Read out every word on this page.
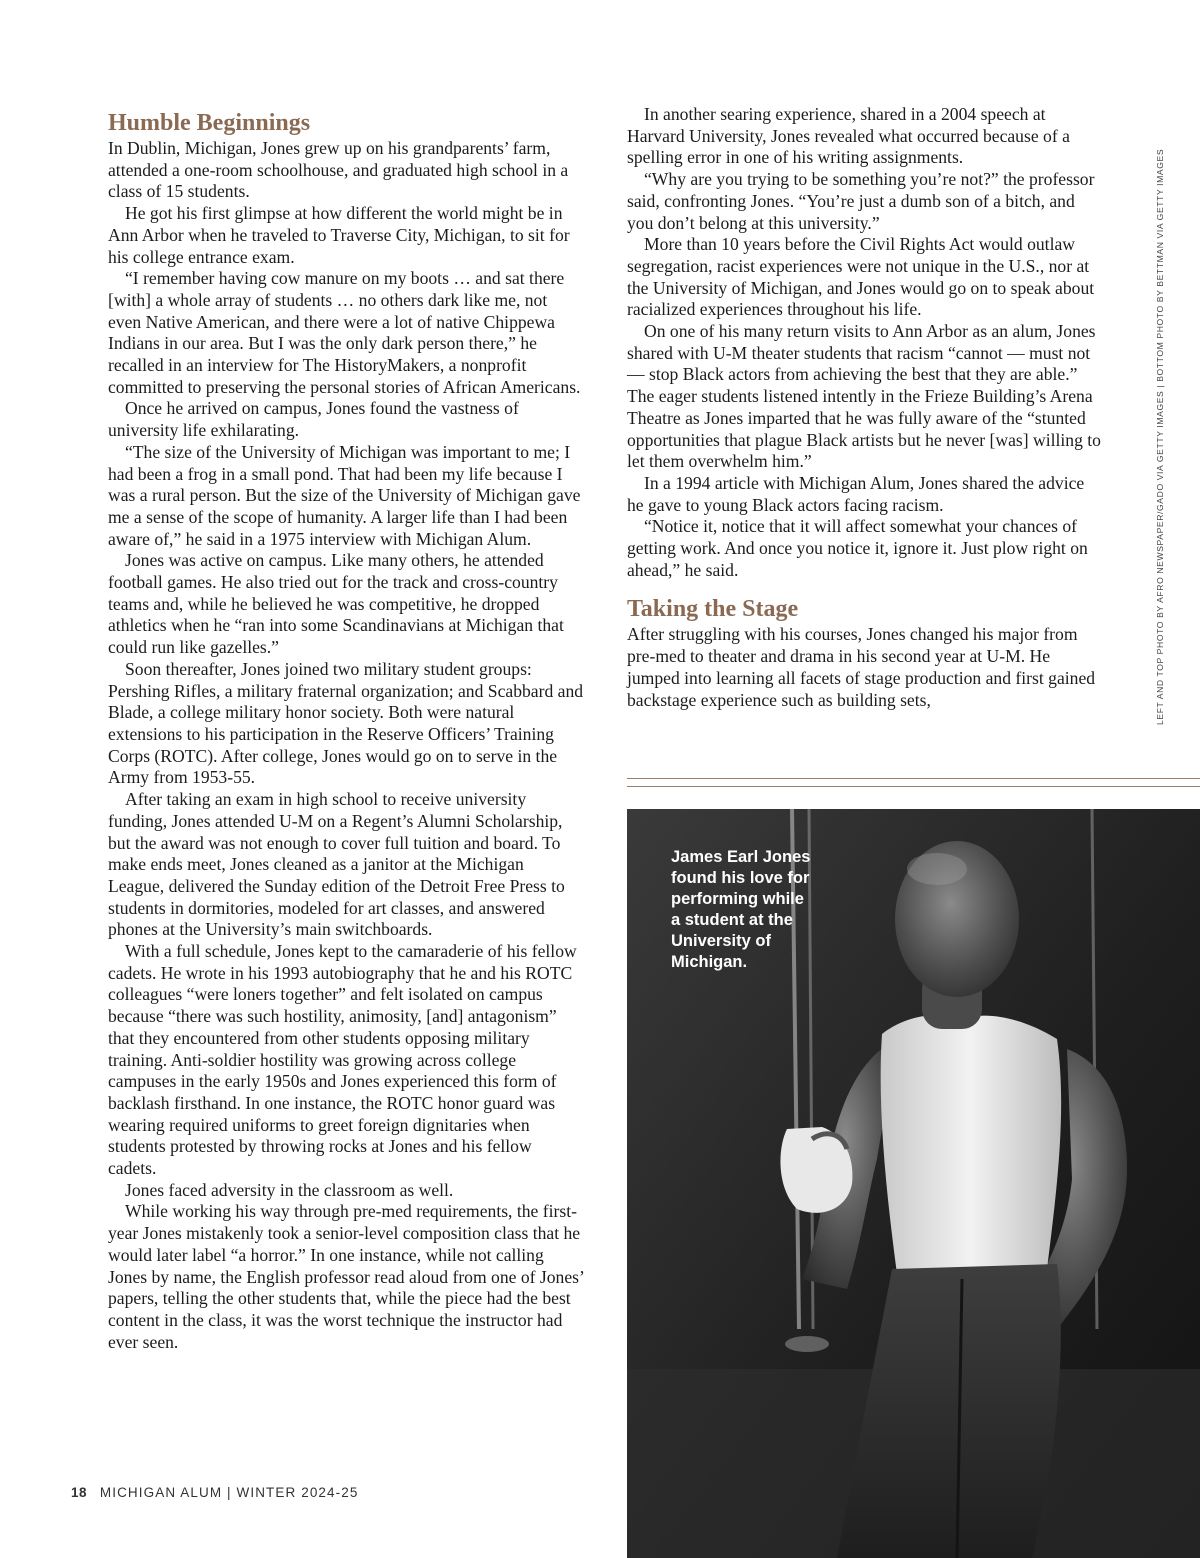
Humble Beginnings

In Dublin, Michigan, Jones grew up on his grandparents’ farm, attended a one-room schoolhouse, and graduated high school in a class of 15 students.

He got his first glimpse at how different the world might be in Ann Arbor when he traveled to Traverse City, Michigan, to sit for his college entrance exam.

“I remember having cow manure on my boots … and sat there [with] a whole array of students … no others dark like me, not even Native American, and there were a lot of native Chippewa Indians in our area. But I was the only dark person there,” he recalled in an interview for The HistoryMakers, a nonprofit committed to preserving the personal stories of African Americans.

Once he arrived on campus, Jones found the vastness of university life exhilarating.

“The size of the University of Michigan was important to me; I had been a frog in a small pond. That had been my life because I was a rural person. But the size of the University of Michigan gave me a sense of the scope of humanity. A larger life than I had been aware of,” he said in a 1975 interview with Michigan Alum.

Jones was active on campus. Like many others, he attended football games. He also tried out for the track and cross-country teams and, while he believed he was competitive, he dropped athletics when he “ran into some Scandinavians at Michigan that could run like gazelles.”

Soon thereafter, Jones joined two military student groups: Pershing Rifles, a military fraternal organization; and Scabbard and Blade, a college military honor society. Both were natural extensions to his participation in the Reserve Officers’ Training Corps (ROTC). After college, Jones would go on to serve in the Army from 1953-55.

After taking an exam in high school to receive university funding, Jones attended U-M on a Regent’s Alumni Scholarship, but the award was not enough to cover full tuition and board. To make ends meet, Jones cleaned as a janitor at the Michigan League, delivered the Sunday edition of the Detroit Free Press to students in dormitories, modeled for art classes, and answered phones at the University’s main switchboards.

With a full schedule, Jones kept to the camaraderie of his fellow cadets. He wrote in his 1993 autobiography that he and his ROTC colleagues “were loners together” and felt isolated on campus because “there was such hostility, animosity, [and] antagonism” that they encountered from other students opposing military training. Anti-soldier hostility was growing across college campuses in the early 1950s and Jones experienced this form of backlash firsthand. In one instance, the ROTC honor guard was wearing required uniforms to greet foreign dignitaries when students protested by throwing rocks at Jones and his fellow cadets.

Jones faced adversity in the classroom as well.

While working his way through pre-med requirements, the first-year Jones mistakenly took a senior-level composition class that he would later label “a horror.” In one instance, while not calling Jones by name, the English professor read aloud from one of Jones’ papers, telling the other students that, while the piece had the best content in the class, it was the worst technique the instructor had ever seen.

In another searing experience, shared in a 2004 speech at Harvard University, Jones revealed what occurred because of a spelling error in one of his writing assignments.

“Why are you trying to be something you’re not?” the professor said, confronting Jones. “You’re just a dumb son of a bitch, and you don’t belong at this university.”

More than 10 years before the Civil Rights Act would outlaw segregation, racist experiences were not unique in the U.S., nor at the University of Michigan, and Jones would go on to speak about racialized experiences throughout his life.

On one of his many return visits to Ann Arbor as an alum, Jones shared with U-M theater students that racism “cannot — must not — stop Black actors from achieving the best that they are able.” The eager students listened intently in the Frieze Building’s Arena Theatre as Jones imparted that he was fully aware of the “stunted opportunities that plague Black artists but he never [was] willing to let them overwhelm him.”

In a 1994 article with Michigan Alum, Jones shared the advice he gave to young Black actors facing racism.

“Notice it, notice that it will affect somewhat your chances of getting work. And once you notice it, ignore it. Just plow right on ahead,” he said.

Taking the Stage

After struggling with his courses, Jones changed his major from pre-med to theater and drama in his second year at U-M. He jumped into learning all facets of stage production and first gained backstage experience such as building sets,

James Earl Jones found his love for performing while a student at the University of Michigan.
LEFT AND TOP PHOTO BY AFRO NEWSPAPER/GADO VIA GETTY IMAGES | BOTTOM PHOTO BY BETTMAN VIA GETTY IMAGES
18 MICHIGAN ALUM | WINTER 2024-25
